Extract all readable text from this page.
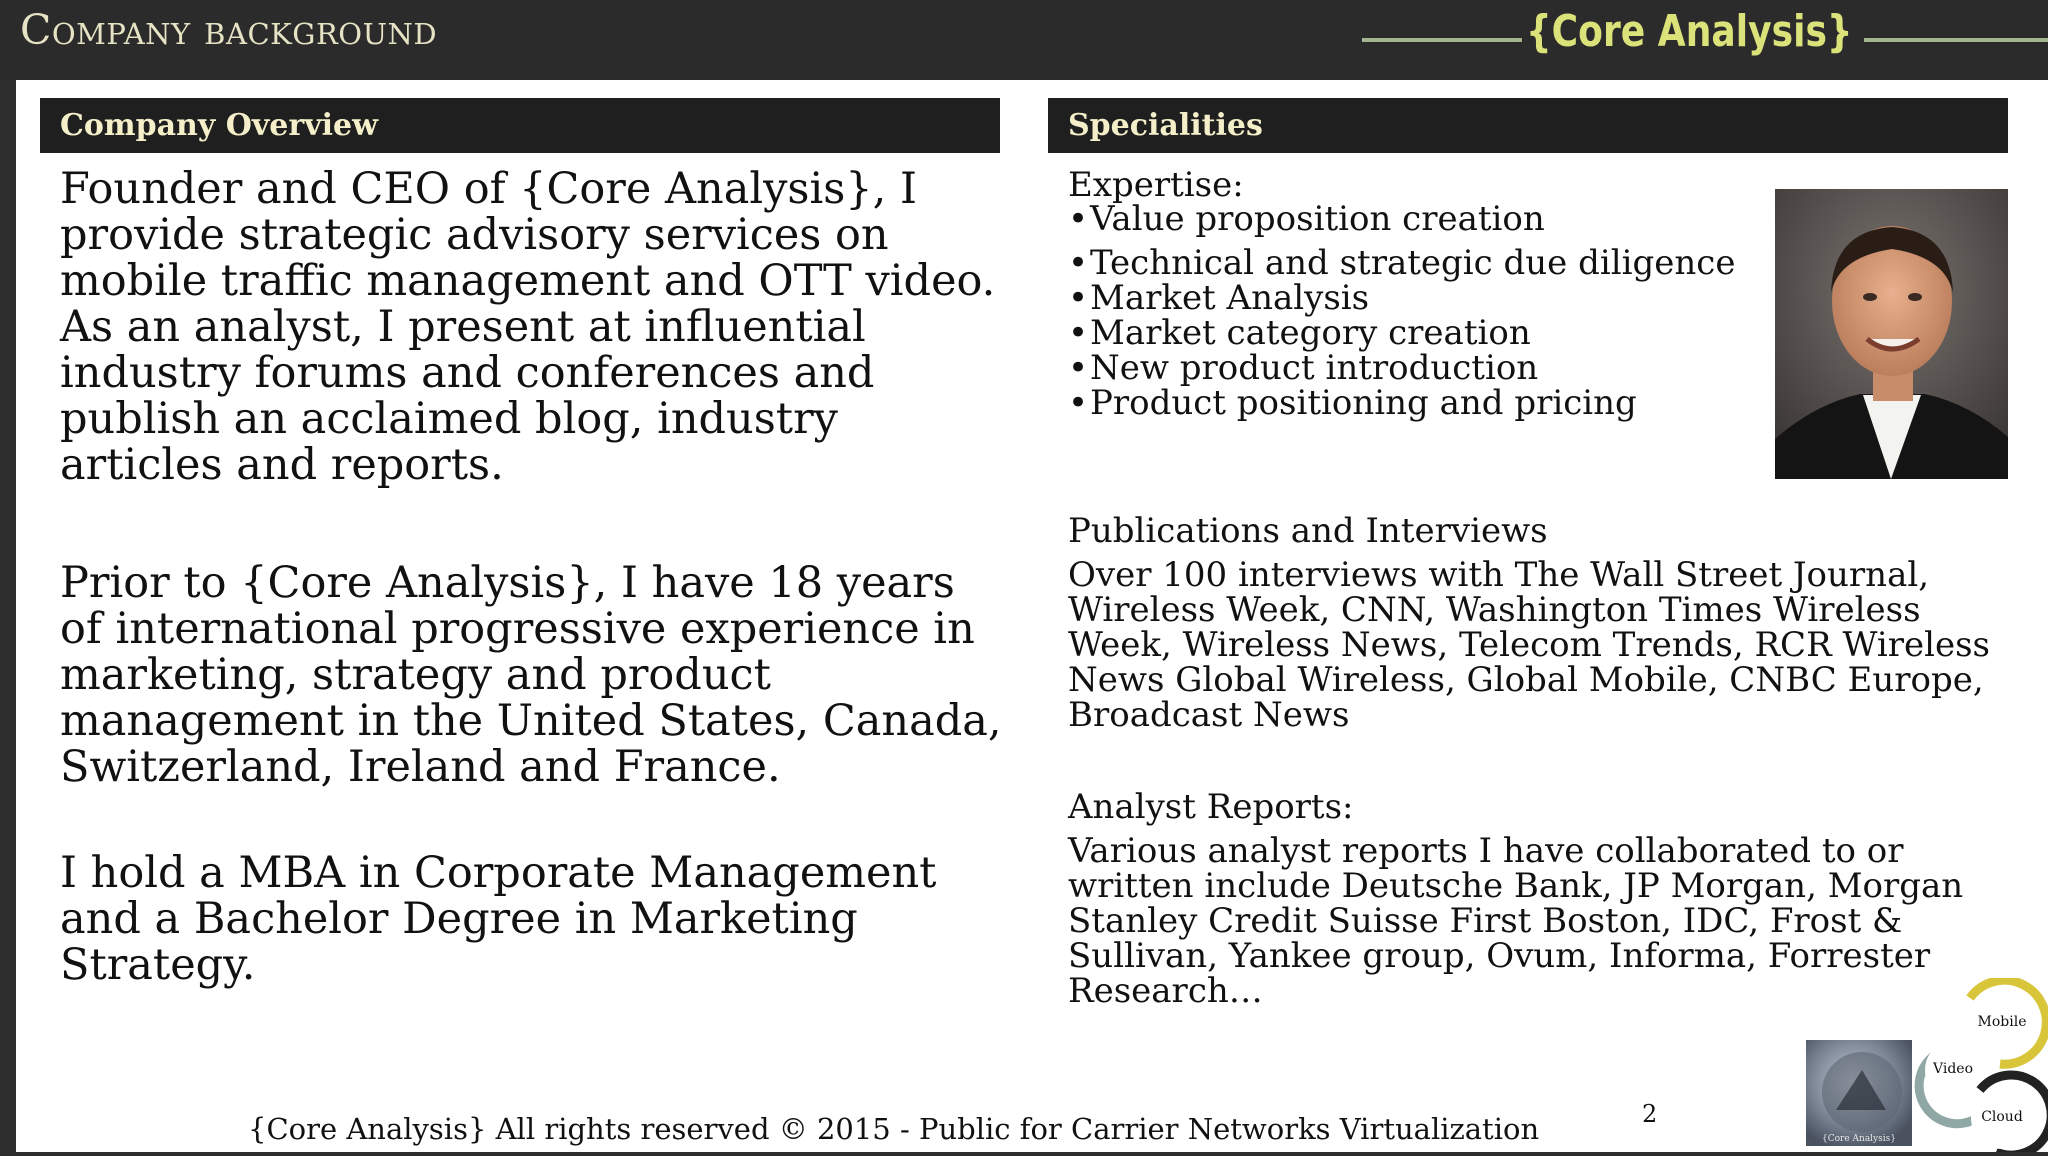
Company background	{Core Analysis}
Company Overview	Specialities

Founder and CEO of {Core Analysis}, I provide strategic advisory services on mobile traffic management and OTT video. As an analyst, I present at influential industry forums and conferences and publish an acclaimed blog, industry articles and reports.

Prior to {Core Analysis}, I have 18 years of international progressive experience in marketing, strategy and product management in the United States, Canada, Switzerland, Ireland and France.

I hold a MBA in Corporate Management and a Bachelor Degree in Marketing Strategy.

Expertise:

•Value proposition creation
•Technical and strategic due diligence
•Market Analysis
•Market category creation
•New product introduction
•Product positioning and pricing

Publications and Interviews

Over 100 interviews with The Wall Street Journal, Wireless Week, CNN, Washington Times Wireless Week, Wireless News, Telecom Trends, RCR Wireless News Global Wireless, Global Mobile, CNBC Europe, Broadcast News

Analyst Reports:

Various analyst reports I have collaborated to or written include Deutsche Bank, JP Morgan, Morgan Stanley Credit Suisse First Boston, IDC, Frost & Sullivan, Yankee group, Ovum, Informa, Forrester Research…

2
{Core Analysis} All rights reserved © 2015 - Public for Carrier Networks Virtualization	{Core Analysis}
Mobile
Video
Cloud
